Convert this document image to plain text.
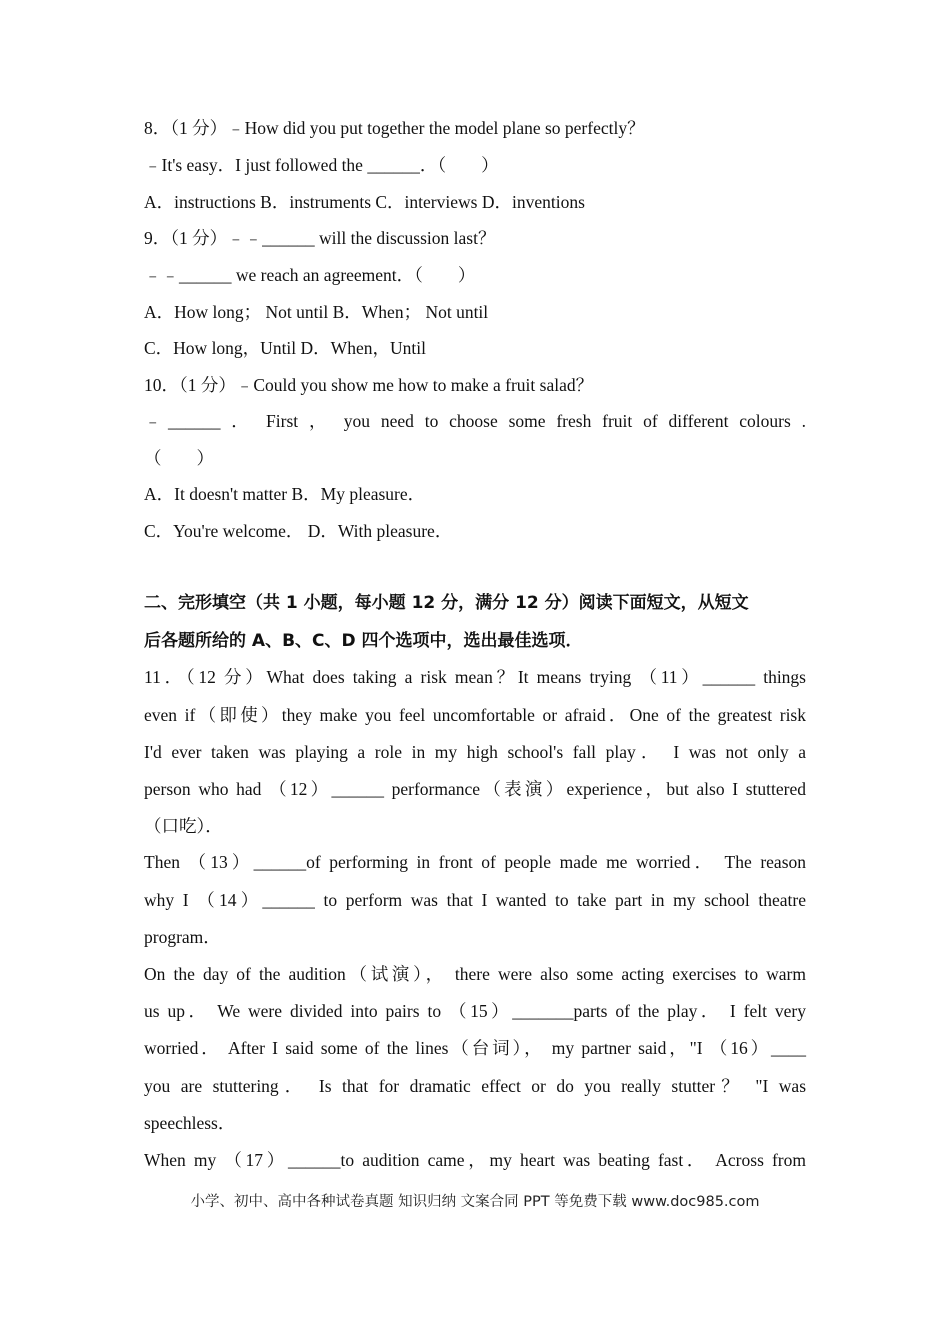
8．（1 分）﹣How did you put together the model plane so perfectly？
﹣It's easy．I just followed the ______．（　　）
A．instructions B．instruments C．interviews D．inventions
9．（1 分）﹣﹣______ will the discussion last？
﹣﹣______ we reach an agreement．（　　）
A．How long； Not until B．When； Not until
C．How long，Until D．When，Until
10．（1 分）﹣Could you show me how to make a fruit salad？
﹣______ ． First ， you need to choose some fresh fruit of different colours .
（　　）
A．It doesn't matter B．My pleasure．
C．You're welcome． D．With pleasure．
二、完形填空（共 1 小题，每小题 12 分，满分 12 分）阅读下面短文，从短文
后各题所给的 A、B、C、D 四个选项中，选出最佳选项．
11．（12 分）What does taking a risk mean？It means trying （11）______ things
even if（即使）they make you feel uncomfortable or afraid．One of the greatest risk
I'd ever taken was playing a role in my high school's fall play． I was not only a
person who had （12）______ performance（表演）experience，but also I stuttered
（口吃）．
Then （13）______of performing in front of people made me worried． The reason
why I （14）______ to perform was that I wanted to take part in my school theatre
program．
On the day of the audition（试演）， there were also some acting exercises to warm
us up． We were divided into pairs to （15）_______parts of the play． I felt very
worried． After I said some of the lines（台词）， my partner said，"I （16）____
you are stuttering． Is that for dramatic effect or do you really stutter？ "I was
speechless．
When my （17）______to audition came，my heart was beating fast． Across from
小学、初中、高中各种试卷真题 知识归纳 文案合同 PPT 等免费下载 www.doc985.com
